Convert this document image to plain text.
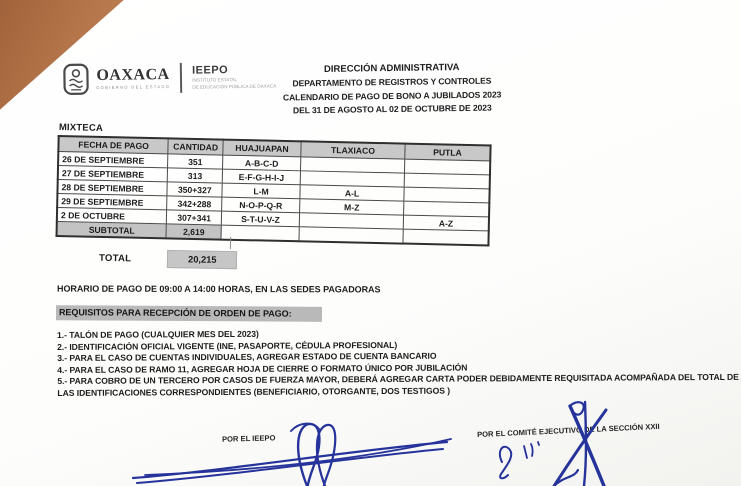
OAXACA
GOBIERNO DEL ESTADO
IEEPO
INSTITUTO ESTATAL
DE EDUCACIÓN PÚBLICA DE OAXACA
DIRECCIÓN ADMINISTRATIVA
DEPARTAMENTO DE REGISTROS Y CONTROLES
CALENDARIO DE PAGO DE BONO A JUBILADOS 2023
DEL 31 DE AGOSTO AL 02 DE OCTUBRE DE 2023
MIXTECA
FECHA DE PAGO	CANTIDAD	HUAJUAPAN	TLAXIACO	PUTLA
26 DE SEPTIEMBRE	351	A-B-C-D		
27 DE SEPTIEMBRE	313	E-F-G-H-I-J		
28 DE SEPTIEMBRE	350+327	L-M	A-L	
29 DE SEPTIEMBRE	342+288	N-O-P-Q-R	M-Z	
2 DE OCTUBRE	307+341	S-T-U-V-Z		A-Z
SUBTOTAL	2,619			
TOTAL	20,215
HORARIO DE PAGO DE 09:00 A 14:00 HORAS, EN LAS SEDES PAGADORAS
REQUISITOS PARA RECEPCIÓN DE ORDEN DE PAGO:
1.- TALÓN DE PAGO (CUALQUIER MES DEL 2023)
2.- IDENTIFICACIÓN OFICIAL VIGENTE (INE, PASAPORTE, CÉDULA PROFESIONAL)
3.- PARA EL CASO DE CUENTAS INDIVIDUALES, AGREGAR ESTADO DE CUENTA BANCARIO
4.- PARA EL CASO DE RAMO 11, AGREGAR HOJA DE CIERRE O FORMATO ÚNICO POR JUBILACIÓN
5.- PARA COBRO DE UN TERCERO POR CASOS DE FUERZA MAYOR, DEBERÁ AGREGAR CARTA PODER DEBIDAMENTE REQUISITADA ACOMPAÑADA DEL TOTAL DE LAS IDENTIFICACIONES CORRESPONDIENTES (BENEFICIARIO, OTORGANTE, DOS TESTIGOS )
POR EL IEEPO	POR EL COMITÉ EJECUTIVO DE LA SECCIÓN XXII
